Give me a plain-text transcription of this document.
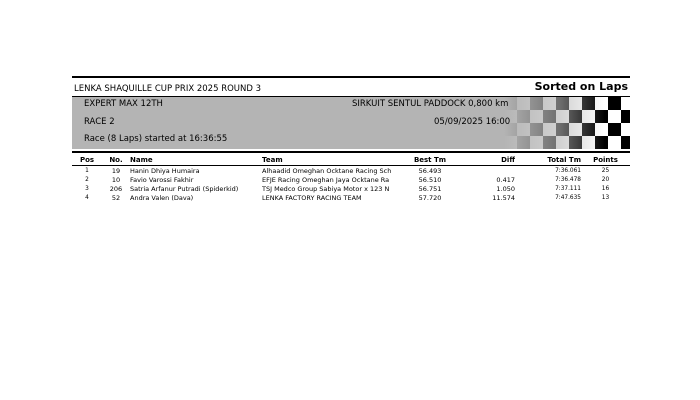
LENKA SHAQUILLE CUP PRIX 2025 ROUND 3	Sorted on Laps
EXPERT MAX 12TH	SIRKUIT SENTUL PADDOCK 0,800 km
RACE 2	05/09/2025 16:00
Race (8 Laps) started at 16:36:55
Pos	No.	Name	Team	Best Tm	Diff	Total Tm	Points
1	19	Hanin Dhiya Humaira	Alhaadid Omeghan Ocktane Racing Sch	56.493		7:36.061	25
2	10	Favio Varossi Fakhir	EFJE Racing Omeghan Jaya Ocktane Ra	56.510	0.417	7:36.478	20
3	206	Satria Arfanur Putradi (Spiderkid)	TSJ Medco Group Sabiya Motor x 123 N	56.751	1.050	7:37.111	16
4	52	Andra Valen (Dava)	LENKA FACTORY RACING TEAM	57.720	11.574	7:47.635	13
